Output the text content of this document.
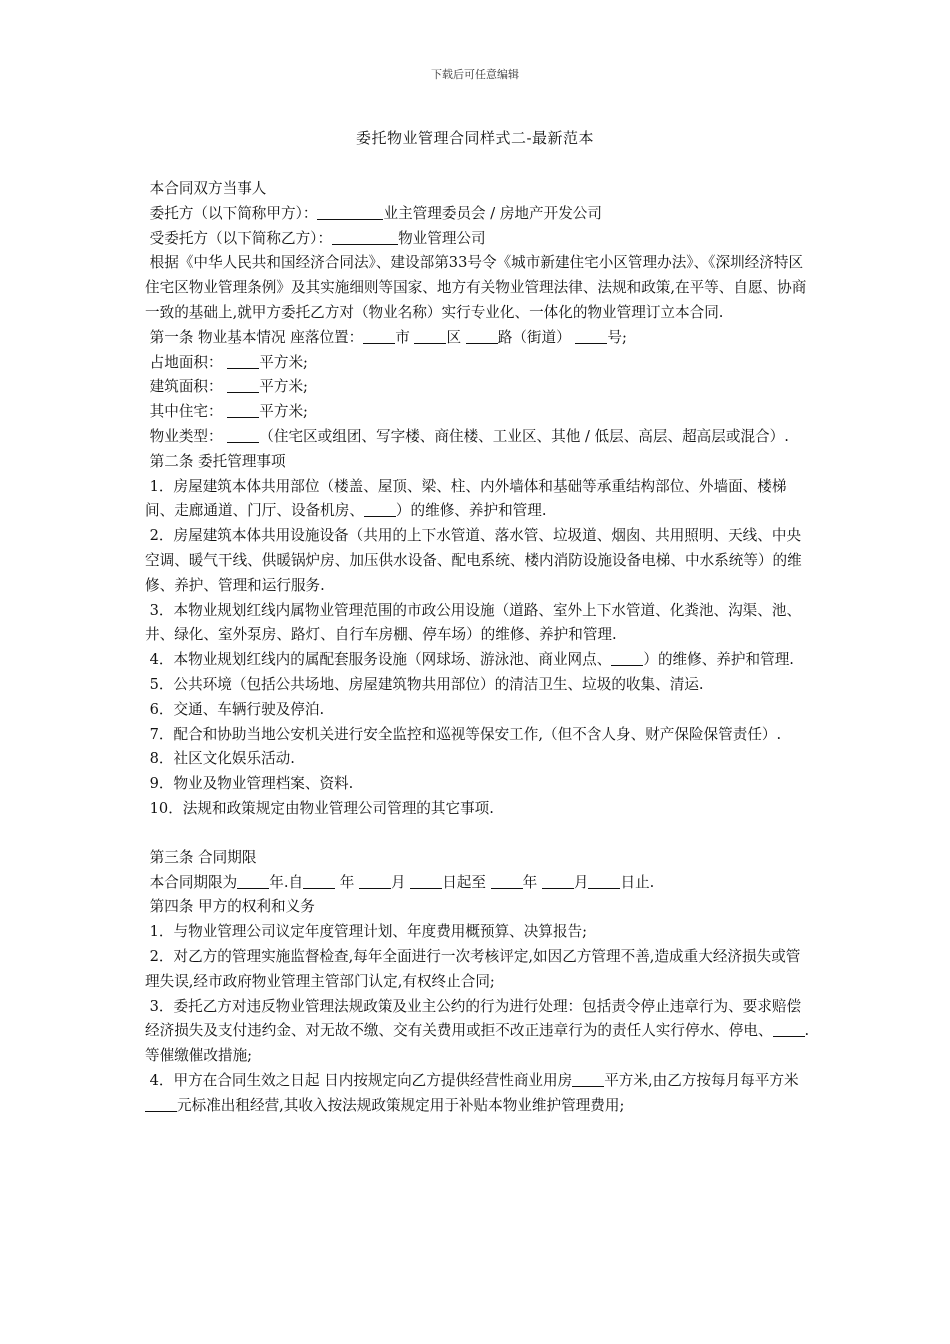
下载后可任意编辑
委托物业管理合同样式二-最新范本

本合同双方当事人

委托方（以下简称甲方）：	业主管理委员会 / 房地产开发公司

受委托方（以下简称乙方）：	物业管理公司

根据《中华人民共和国经济合同法》、建设部第33号令《城市新建住宅小区管理办法》、《深圳经济特区住宅区物业管理条例》及其实施细则等国家、地方有关物业管理法律、法规和政策,在平等、自愿、协商一致的基础上,就甲方委托乙方对（物业名称）实行专业化、一体化的物业管理订立本合同.

第一条 物业基本情况 座落位置： 市	区	路（街道）	号;

占地面积：	平方米;

建筑面积：	平方米;

其中住宅：	平方米;

物业类型：	（住宅区或组团、写字楼、商住楼、工业区、其他 / 低层、高层、超高层或混合）.

第二条 委托管理事项

1．房屋建筑本体共用部位（楼盖、屋顶、梁、柱、内外墙体和基础等承重结构部位、外墙面、楼梯间、走廊通道、门厅、设备机房、 ）的维修、养护和管理.

2．房屋建筑本体共用设施设备（共用的上下水管道、落水管、垃圾道、烟囱、共用照明、天线、中央空调、暖气干线、供暖锅炉房、加压供水设备、配电系统、楼内消防设施设备电梯、中水系统等）的维修、养护、管理和运行服务.

3．本物业规划红线内属物业管理范围的市政公用设施（道路、室外上下水管道、化粪池、沟渠、池、井、绿化、室外泵房、路灯、自行车房棚、停车场）的维修、养护和管理.

4．本物业规划红线内的属配套服务设施（网球场、游泳池、商业网点、 ）的维修、养护和管理.

5．公共环境（包括公共场地、房屋建筑物共用部位）的清洁卫生、垃圾的收集、清运.

6．交通、车辆行驶及停泊.

7．配合和协助当地公安机关进行安全监控和巡视等保安工作,（但不含人身、财产保险保管责任）.

8．社区文化娱乐活动.

9．物业及物业管理档案、资料.

10．法规和政策规定由物业管理公司管理的其它事项.

第三条 合同期限

本合同期限为 年.自	年	月	日起至	年	月 日止.

第四条 甲方的权利和义务

1．与物业管理公司议定年度管理计划、年度费用概预算、决算报告;

2．对乙方的管理实施监督检查,每年全面进行一次考核评定,如因乙方管理不善,造成重大经济损失或管理失误,经市政府物业管理主管部门认定,有权终止合同;

3．委托乙方对违反物业管理法规政策及业主公约的行为进行处理：包括责令停止违章行为、要求赔偿经济损失及支付违约金、对无故不缴、交有关费用或拒不改正违章行为的责任人实行停水、停电、 .等催缴催改措施;

4．甲方在合同生效之日起 日内按规定向乙方提供经营性商业用房 平方米,由乙方按每月每平方米元标准出租经营,其收入按法规政策规定用于补贴本物业维护管理费用;
